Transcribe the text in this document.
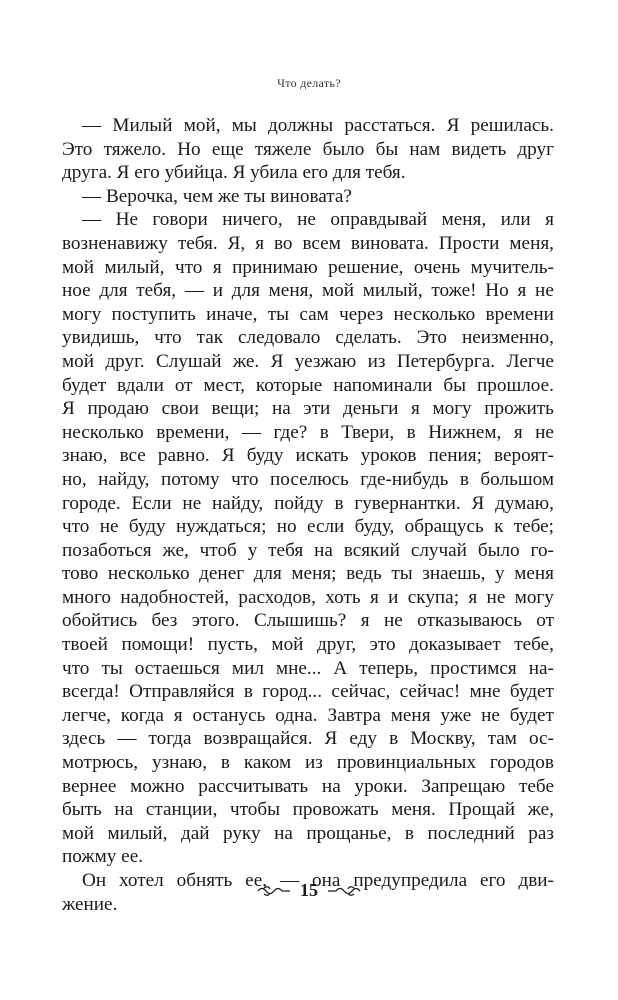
Что делать?
— Милый мой, мы должны расстаться. Я решилась.
Это тяжело. Но еще тяжеле было бы нам видеть друг
друга. Я его убийца. Я убила его для тебя.
— Верочка, чем же ты виновата?
— Не говори ничего, не оправдывай меня, или я
возненавижу тебя. Я, я во всем виновата. Прости меня,
мой милый, что я принимаю решение, очень мучитель-
ное для тебя, — и для меня, мой милый, тоже! Но я не
могу поступить иначе, ты сам через несколько времени
увидишь, что так следовало сделать. Это неизменно,
мой друг. Слушай же. Я уезжаю из Петербурга. Легче
будет вдали от мест, которые напоминали бы прошлое.
Я продаю свои вещи; на эти деньги я могу прожить
несколько времени, — где? в Твери, в Нижнем, я не
знаю, все равно. Я буду искать уроков пения; вероят-
но, найду, потому что поселюсь где-нибудь в большом
городе. Если не найду, пойду в гувернантки. Я думаю,
что не буду нуждаться; но если буду, обращусь к тебе;
позаботься же, чтоб у тебя на всякий случай было го-
тово несколько денег для меня; ведь ты знаешь, у меня
много надобностей, расходов, хоть я и скупа; я не могу
обойтись без этого. Слышишь? я не отказываюсь от
твоей помощи! пусть, мой друг, это доказывает тебе,
что ты остаешься мил мне... А теперь, простимся на-
всегда! Отправляйся в город... сейчас, сейчас! мне будет
легче, когда я останусь одна. Завтра меня уже не будет
здесь — тогда возвращайся. Я еду в Москву, там ос-
мотрюсь, узнаю, в каком из провинциальных городов
вернее можно рассчитывать на уроки. Запрещаю тебе
быть на станции, чтобы провожать меня. Прощай же,
мой милый, дай руку на прощанье, в последний раз
пожму ее.
Он хотел обнять ее, — она предупредила его дви-
жение.
15
